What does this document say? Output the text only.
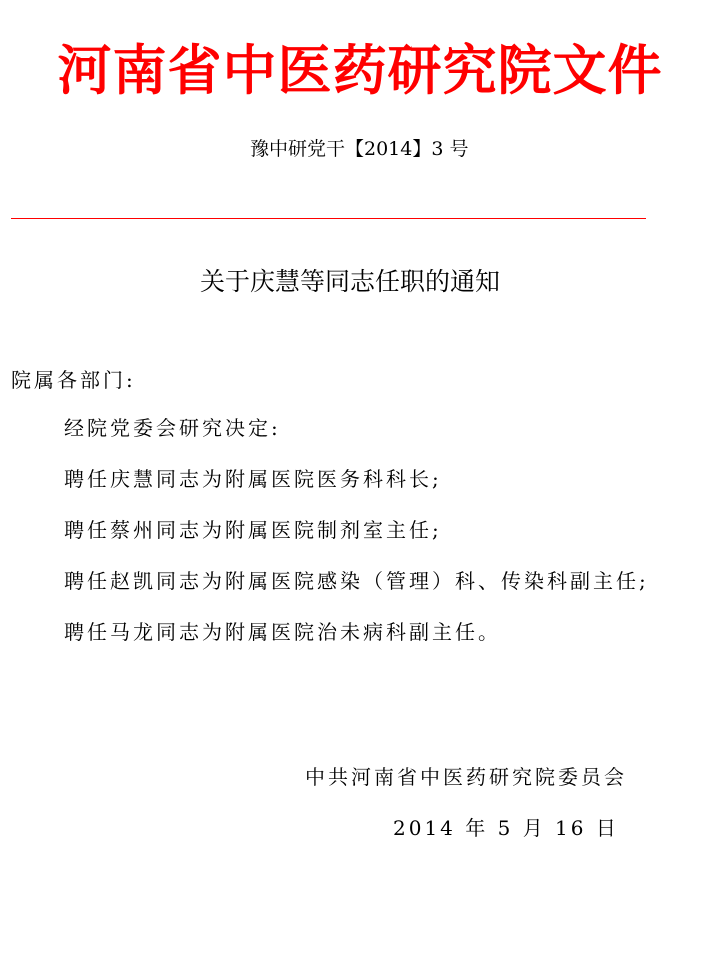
河南省中医药研究院文件
豫中研党干【2014】3 号
关于庆慧等同志任职的通知
院属各部门:
经院党委会研究决定:
聘任庆慧同志为附属医院医务科科长;
聘任蔡州同志为附属医院制剂室主任;
聘任赵凯同志为附属医院感染（管理）科、传染科副主任;
聘任马龙同志为附属医院治未病科副主任。
中共河南省中医药研究院委员会
2014 年 5 月 16 日
